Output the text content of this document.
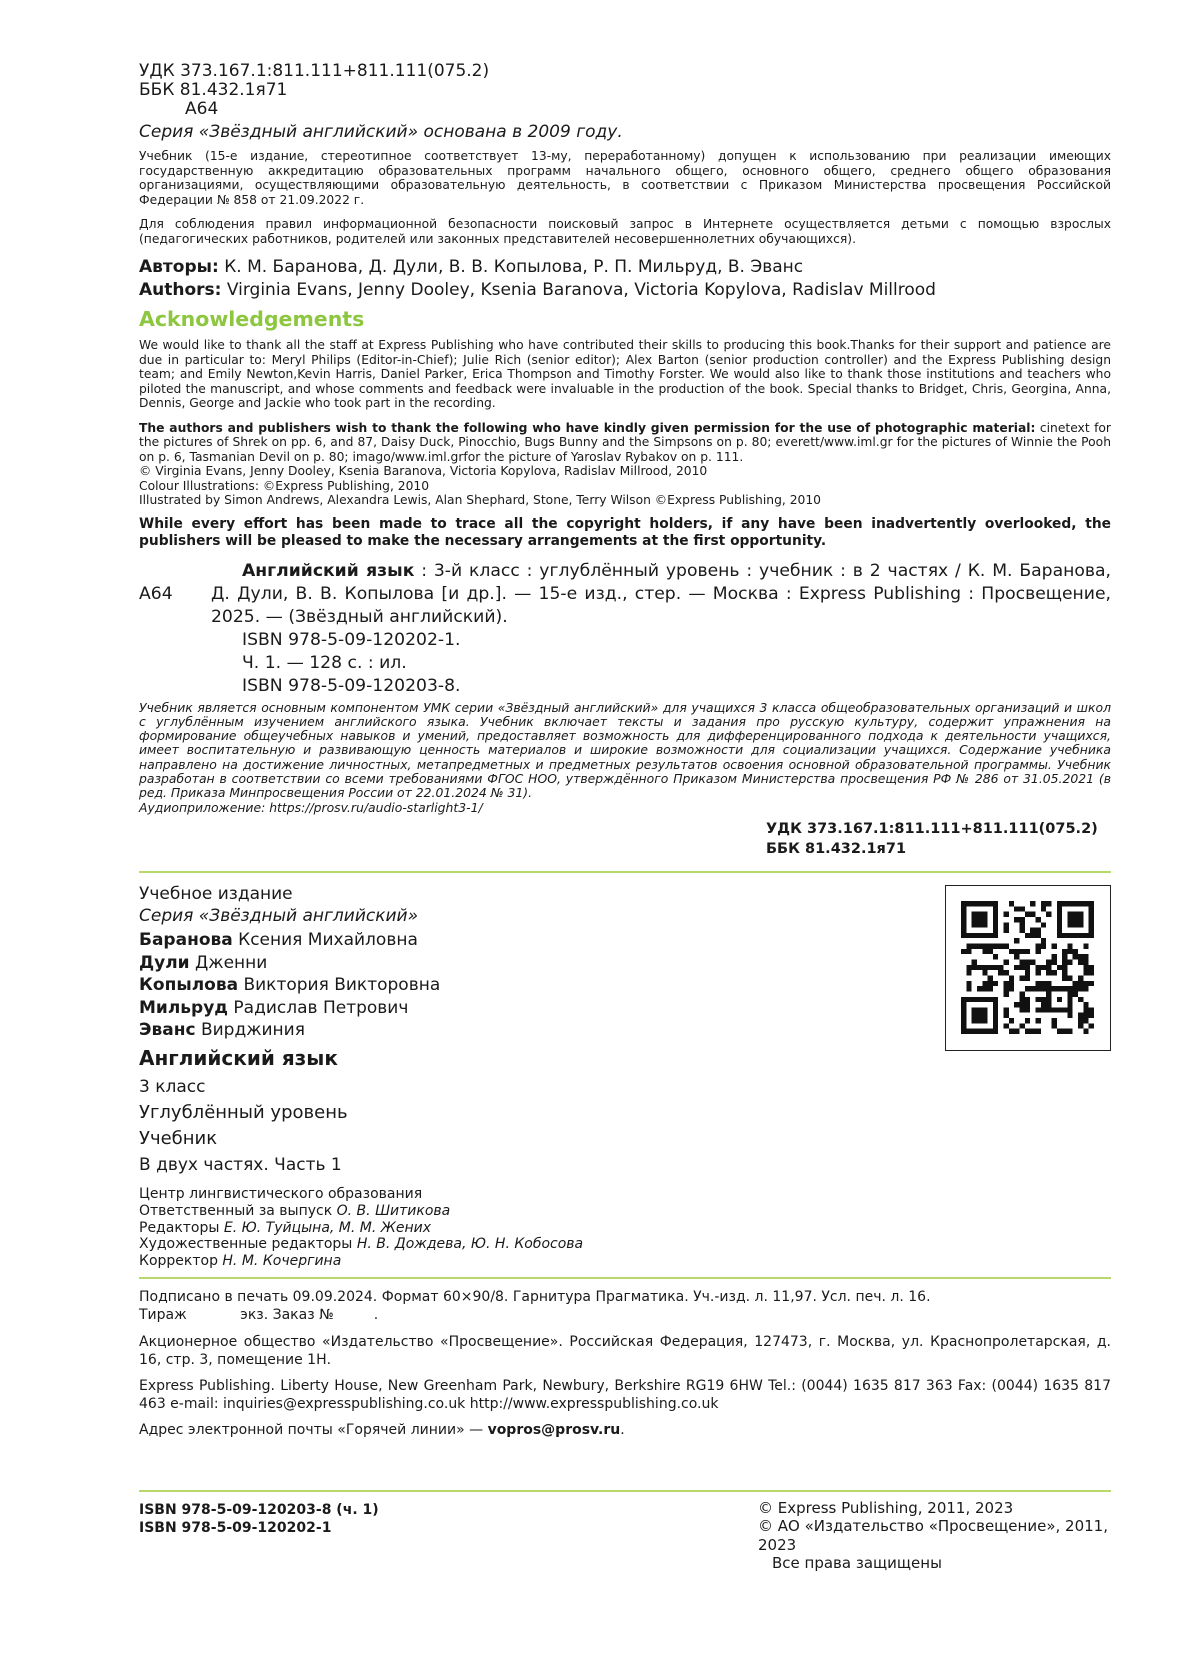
УДК 373.167.1:811.111+811.111(075.2)
ББК 81.432.1я71
А64
Серия «Звёздный английский» основана в 2009 году.
Учебник (15-е издание, стереотипное соответствует 13-му, переработанному) допущен к использованию при реализации имеющих государственную аккредитацию образовательных программ начального общего, основного общего, среднего общего образования организациями, осуществляющими образовательную деятельность, в соответствии с Приказом Министерства просвещения Российской Федерации № 858 от 21.09.2022 г.
Для соблюдения правил информационной безопасности поисковый запрос в Интернете осуществляется детьми с помощью взрослых (педагогических работников, родителей или законных представителей несовершеннолетних обучающихся).
Авторы: К. М. Баранова, Д. Дули, В. В. Копылова, Р. П. Мильруд, В. Эванс
Authors: Virginia Evans, Jenny Dooley, Ksenia Baranova, Victoria Kopylova, Radislav Millrood
Acknowledgements
We would like to thank all the staff at Express Publishing who have contributed their skills to producing this book.Thanks for their support and patience are due in particular to: Meryl Philips (Editor-in-Chief); Julie Rich (senior editor); Alex Barton (senior production controller) and the Express Publishing design team; and Emily Newton,Kevin Harris, Daniel Parker, Erica Thompson and Timothy Forster. We would also like to thank those institutions and teachers who piloted the manuscript, and whose comments and feedback were invaluable in the production of the book. Special thanks to Bridget, Chris, Georgina, Anna, Dennis, George and Jackie who took part in the recording.
The authors and publishers wish to thank the following who have kindly given permission for the use of photographic material: cinetext for the pictures of Shrek on pp. 6, and 87, Daisy Duck, Pinocchio, Bugs Bunny and the Simpsons on p. 80; everett/www.iml.gr for the pictures of Winnie the Pooh on p. 6, Tasmanian Devil on p. 80; imago/www.iml.grfor the picture of Yaroslav Rybakov on p. 111.
© Virginia Evans, Jenny Dooley, Ksenia Baranova, Victoria Kopylova, Radislav Millrood, 2010
Colour Illustrations: ©Express Publishing, 2010
Illustrated by Simon Andrews, Alexandra Lewis, Alan Shephard, Stone, Terry Wilson ©Express Publishing, 2010
While every effort has been made to trace all the copyright holders, if any have been inadvertently overlooked, the publishers will be pleased to make the necessary arrangements at the first opportunity.
А64
Английский язык : 3-й класс : углублённый уровень : учебник : в 2 частях / К. М. Баранова, Д. Дули, В. В. Копылова [и др.]. — 15-е изд., стер. — Москва : Express Publishing : Просвещение, 2025. — (Звёздный английский).
ISBN 978-5-09-120202-1.
Ч. 1. — 128 с. : ил.
ISBN 978-5-09-120203-8.
Учебник является основным компонентом УМК серии «Звёздный английский» для учащихся 3 класса общеобразовательных организаций и школ с углублённым изучением английского языка. Учебник включает тексты и задания про русскую культуру, содержит упражнения на формирование общеучебных навыков и умений, предоставляет возможность для дифференцированного подхода к деятельности учащихся, имеет воспитательную и развивающую ценность материалов и широкие возможности для социализации учащихся. Содержание учебника направлено на достижение личностных, метапредметных и предметных результатов освоения основной образовательной программы. Учебник разработан в соответствии со всеми требованиями ФГОС НОО, утверждённого Приказом Министерства просвещения РФ № 286 от 31.05.2021 (в ред. Приказа Минпросвещения России от 22.01.2024 № 31).
Аудиоприложение: https://prosv.ru/audio-starlight3-1/
УДК 373.167.1:811.111+811.111(075.2)
ББК 81.432.1я71
Учебное издание
Серия «Звёздный английский»
Баранова Ксения Михайловна
Дули Дженни
Копылова Виктория Викторовна
Мильруд Радислав Петрович
Эванс Вирджиния
Английский язык
3 класс
Углублённый уровень
Учебник
В двух частях. Часть 1
Центр лингвистического образования
Ответственный за выпуск О. В. Шитикова
Редакторы Е. Ю. Туйцына, М. М. Жених
Художественные редакторы Н. В. Дождева, Ю. Н. Кобосова
Корректор Н. М. Кочергина
Подписано в печать 09.09.2024. Формат 60×90/8. Гарнитура Прагматика. Уч.-изд. л. 11,97. Усл. печ. л. 16.
Тираж            экз. Заказ №         .
Акционерное общество «Издательство «Просвещение». Российская Федерация, 127473, г. Москва, ул. Краснопролетарская, д. 16, стр. 3, помещение 1Н.
Express Publishing. Liberty House, New Greenham Park, Newbury, Berkshire RG19 6HW Tel.: (0044) 1635 817 363 Fax: (0044) 1635 817 463 e-mail: inquiries@expresspublishing.co.uk http://www.expresspublishing.co.uk
Адрес электронной почты «Горячей линии» — vopros@prosv.ru.
ISBN 978-5-09-120203-8 (ч. 1)
ISBN 978-5-09-120202-1
© Express Publishing, 2011, 2023
© АО «Издательство «Просвещение», 2011, 2023
Все права защищены
